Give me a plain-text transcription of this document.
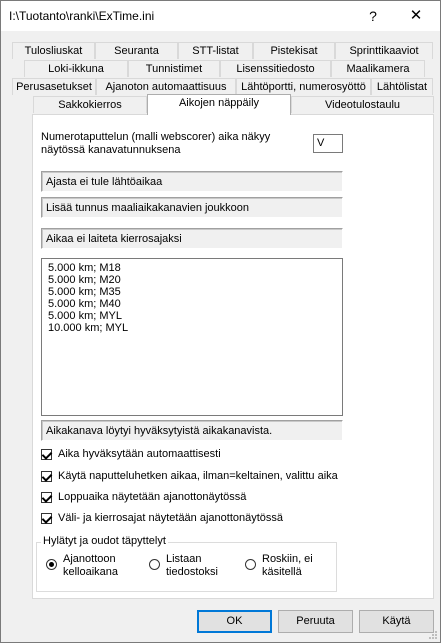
I:\Tuotanto\ranki\ExTime.ini	?	✕
Tulosliuskat	Seuranta	STT-listat	Pistekisat	Sprinttikaaviot
Loki-ikkuna	Tunnistimet	Lisenssitiedosto	Maalikamera
Perusasetukset	Ajanoton automaattisuus	Lähtöportti, numerosyöttö	Lähtölistat
Sakkokierros	Aikojen näppäily	Videotulostaulu
Numerotaputtelun (malli webscorer) aika näkyy
näytössä kanavatunnuksena
V
Ajasta ei tule lähtöaikaa
Lisää tunnus maaliaikakanavien joukkoon
Aikaa ei laiteta kierrosajaksi
5.000 km; M18
5.000 km; M20
5.000 km; M35
5.000 km; M40
5.000 km; MYL
10.000 km; MYL
Aikakanava löytyi hyväksytyistä aikakanavista.
Aika hyväksytään automaattisesti
Käytä naputteluhetken aikaa, ilman=keltainen, valittu aika
Loppuaika näytetään ajanottonäytössä
Väli- ja kierrosajat näytetään ajanottonäytössä
Hylätyt ja oudot täpyttelyt
Ajanottoon
kelloaikana
Listaan
tiedostoksi
Roskiin, ei
käsitellä
OK	Peruuta	Käytä
